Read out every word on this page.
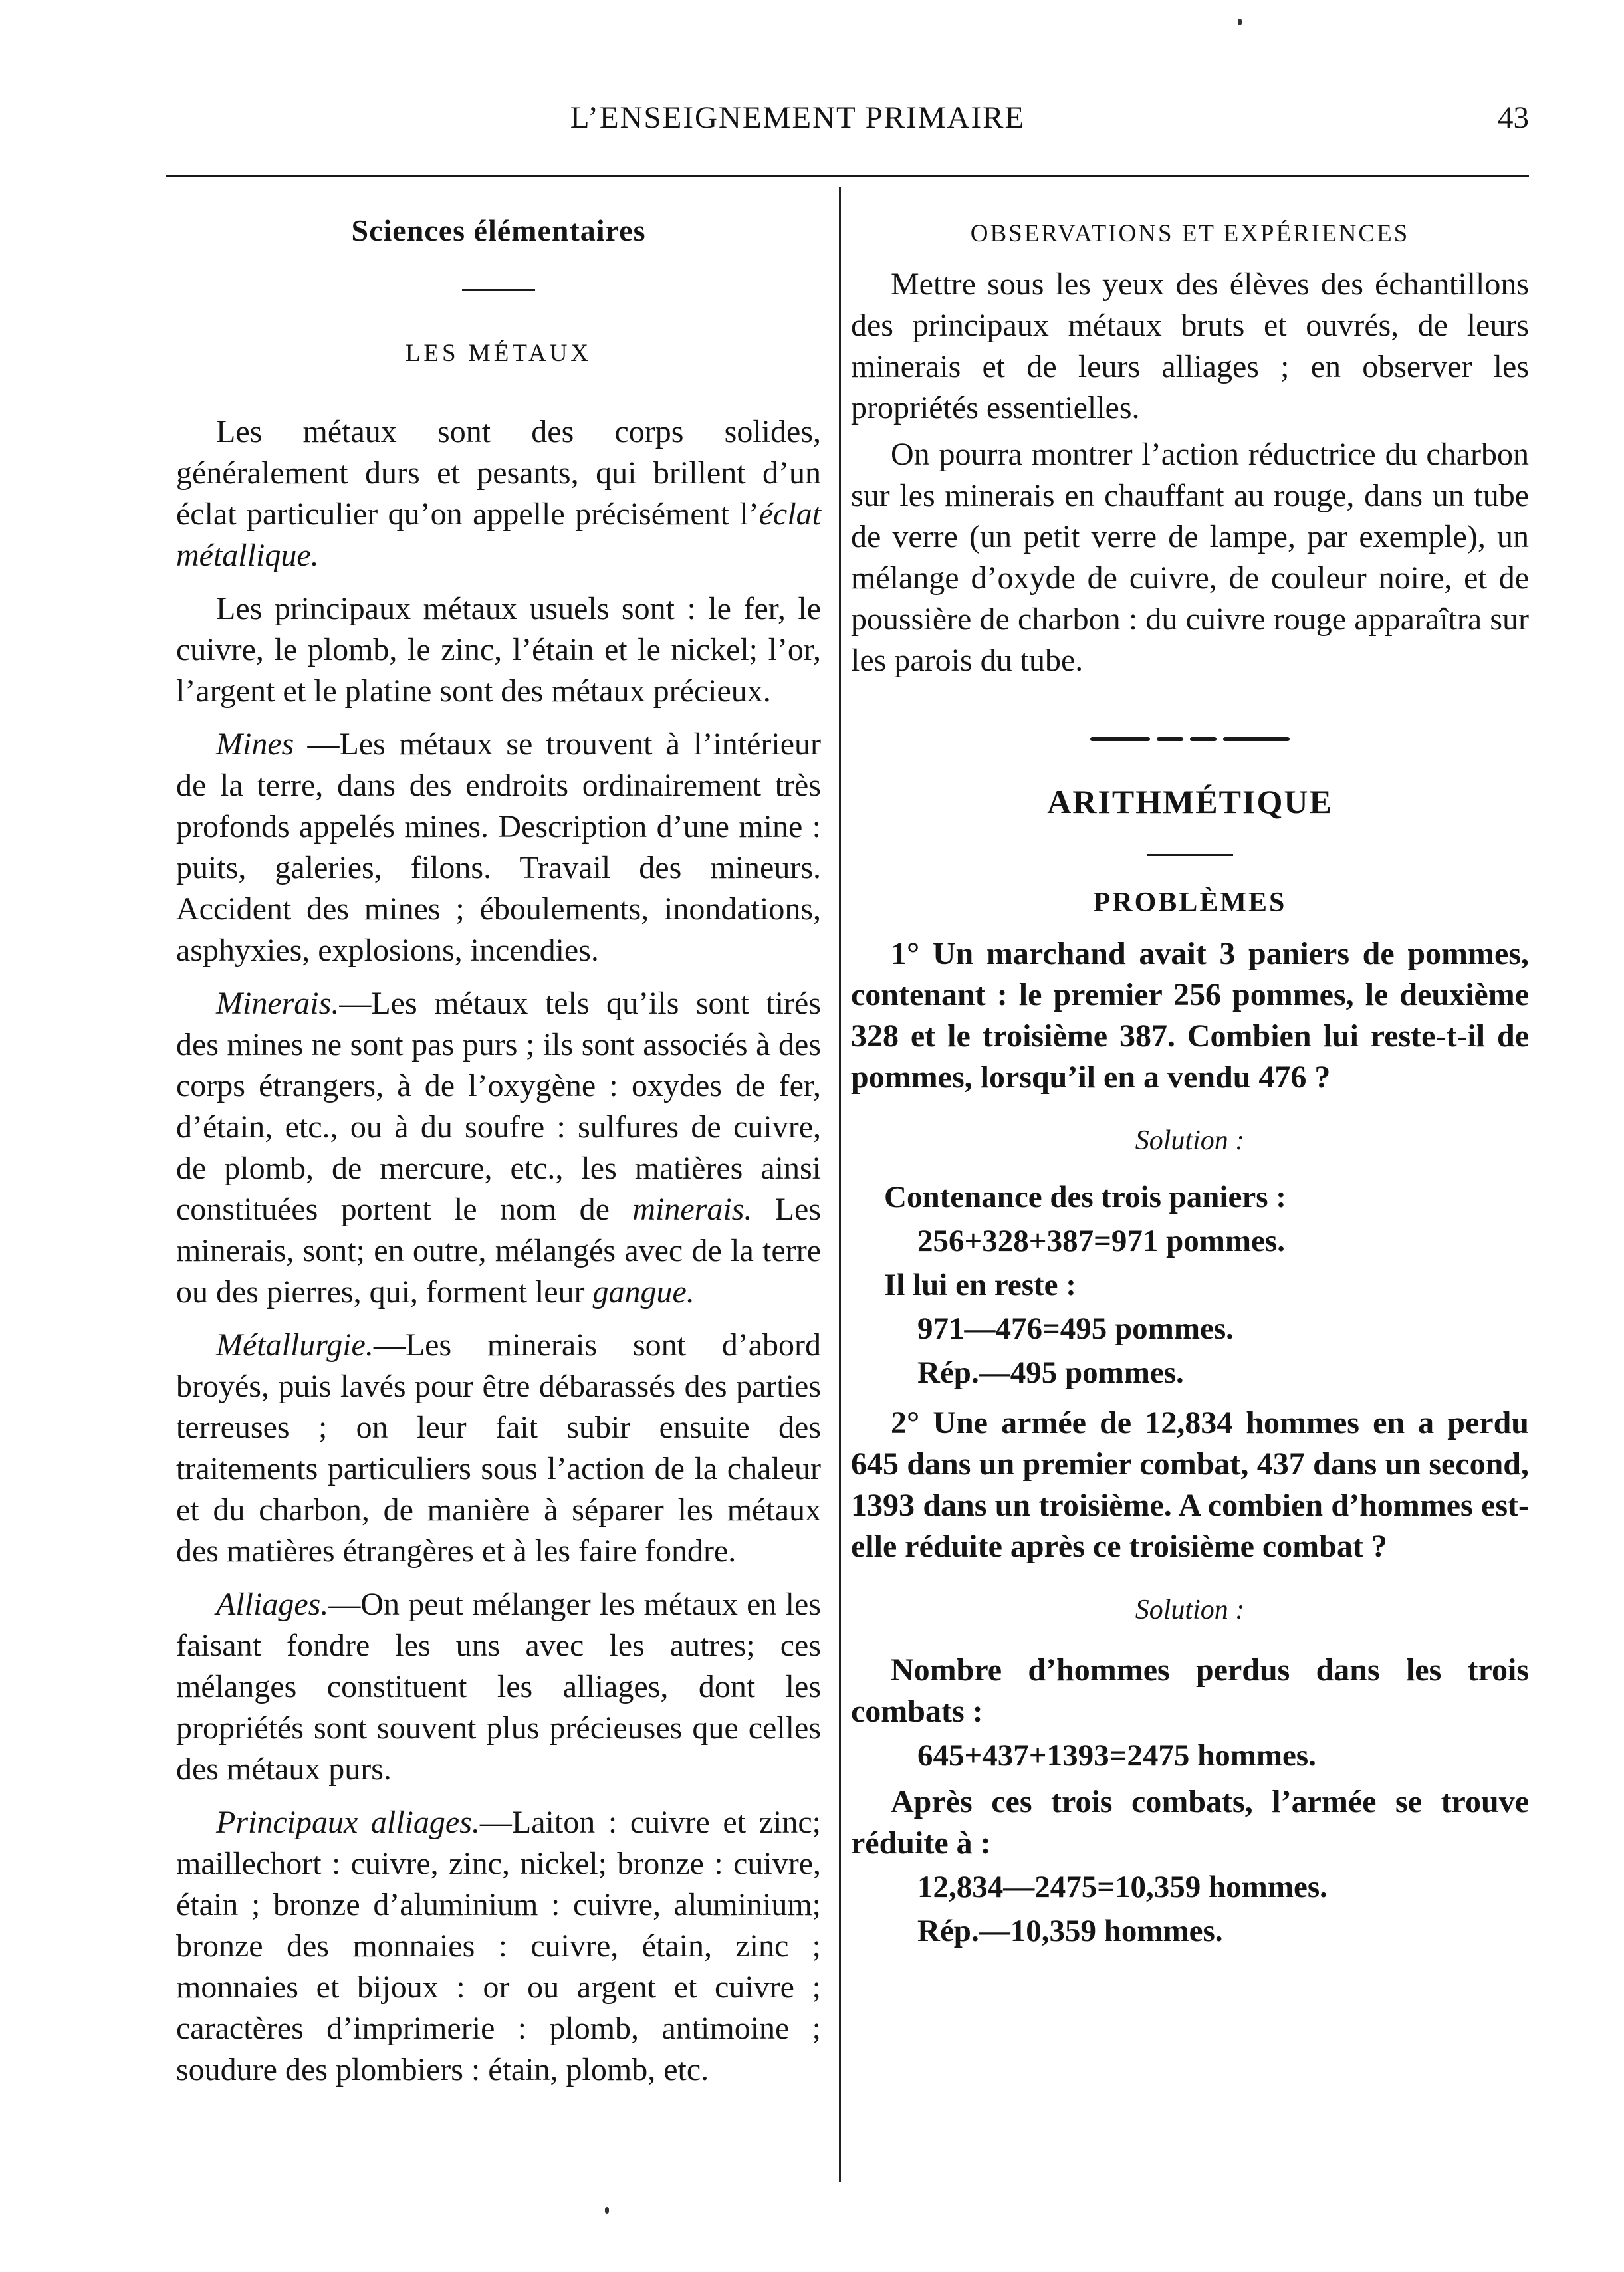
L’ENSEIGNEMENT PRIMAIRE	43
Sciences élémentaires
LES MÉTAUX

Les métaux sont des corps solides, généralement durs et pesants, qui brillent d’un éclat particulier qu’on appelle précisément l’éclat métallique.

Les principaux métaux usuels sont : le fer, le cuivre, le plomb, le zinc, l’étain et le nickel; l’or, l’argent et le platine sont des métaux précieux.

Mines —Les métaux se trouvent à l’intérieur de la terre, dans des endroits ordinairement très profonds appelés mines. Description d’une mine : puits, galeries, filons. Travail des mineurs. Accident des mines ; éboulements, inondations, asphyxies, explosions, incendies.

Minerais.—Les métaux tels qu’ils sont tirés des mines ne sont pas purs ; ils sont associés à des corps étrangers, à de l’oxygène : oxydes de fer, d’étain, etc., ou à du soufre : sulfures de cuivre, de plomb, de mercure, etc., les matières ainsi constituées portent le nom de minerais. Les minerais, sont; en outre, mélangés avec de la terre ou des pierres, qui, forment leur gangue.

Métallurgie.—Les minerais sont d’abord broyés, puis lavés pour être débarassés des parties terreuses ; on leur fait subir ensuite des traitements particuliers sous l’action de la chaleur et du charbon, de manière à séparer les métaux des matières étrangères et à les faire fondre.

Alliages.—On peut mélanger les métaux en les faisant fondre les uns avec les autres; ces mélanges constituent les alliages, dont les propriétés sont souvent plus précieuses que celles des métaux purs.

Principaux alliages.—Laiton : cuivre et zinc; maillechort : cuivre, zinc, nickel; bronze : cuivre, étain ; bronze d’aluminium : cuivre, aluminium; bronze des monnaies : cuivre, étain, zinc ; monnaies et bijoux : or ou argent et cuivre ; caractères d’imprimerie : plomb, antimoine ; soudure des plombiers : étain, plomb, etc.

OBSERVATIONS ET EXPÉRIENCES

Mettre sous les yeux des élèves des échantillons des principaux métaux bruts et ouvrés, de leurs minerais et de leurs alliages ; en observer les propriétés essentielles.

On pourra montrer l’action réductrice du charbon sur les minerais en chauffant au rouge, dans un tube de verre (un petit verre de lampe, par exemple), un mélange d’oxyde de cuivre, de couleur noire, et de poussière de charbon : du cuivre rouge apparaîtra sur les parois du tube.

ARITHMÉTIQUE
PROBLÈMES

1° Un marchand avait 3 paniers de pommes, contenant : le premier 256 pommes, le deuxième 328 et le troisième 387. Combien lui reste-t-il de pommes, lorsqu’il en a vendu 476 ?

Solution :
Contenance des trois paniers :
256+328+387=971 pommes.
Il lui en reste :
971—476=495 pommes.
Rép.—495 pommes.

2° Une armée de 12,834 hommes en a perdu 645 dans un premier combat, 437 dans un second, 1393 dans un troisième. A combien d’hommes est-elle réduite après ce troisième combat ?

Solution :

Nombre d’hommes perdus dans les trois combats :

645+437+1393=2475 hommes.

Après ces trois combats, l’armée se trouve réduite à :

12,834—2475=10,359 hommes.
Rép.—10,359 hommes.
